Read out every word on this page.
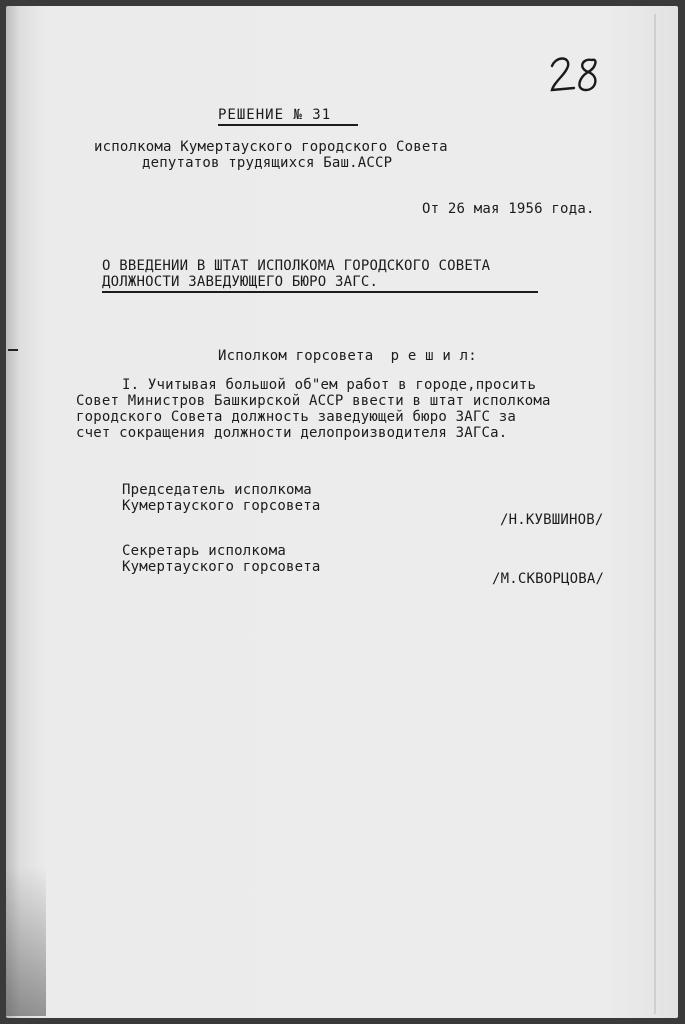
РЕШЕНИЕ № 31
исполкома Кумертауского городского Совета
депутатов трудящихся Баш.АССР
От 26 мая 1956 года.
О ВВЕДЕНИИ В ШТАТ ИСПОЛКОМА ГОРОДСКОГО СОВЕТА
ДОЛЖНОСТИ ЗАВЕДУЮЩЕГО БЮРО ЗАГС.
Исполком горсовета  р е ш и л:
I. Учитывая большой об"ем работ в городе,просить
Совет Министров Башкирской АССР ввести в штат исполкома
городского Совета должность заведующей бюро ЗАГС за
счет сокращения должности делопроизводителя ЗАГСа.
Председатель исполкома
Кумертауского горсовета
/Н.КУВШИНОВ/
Секретарь исполкома
Кумертауского горсовета
/М.СКВОРЦОВА/
